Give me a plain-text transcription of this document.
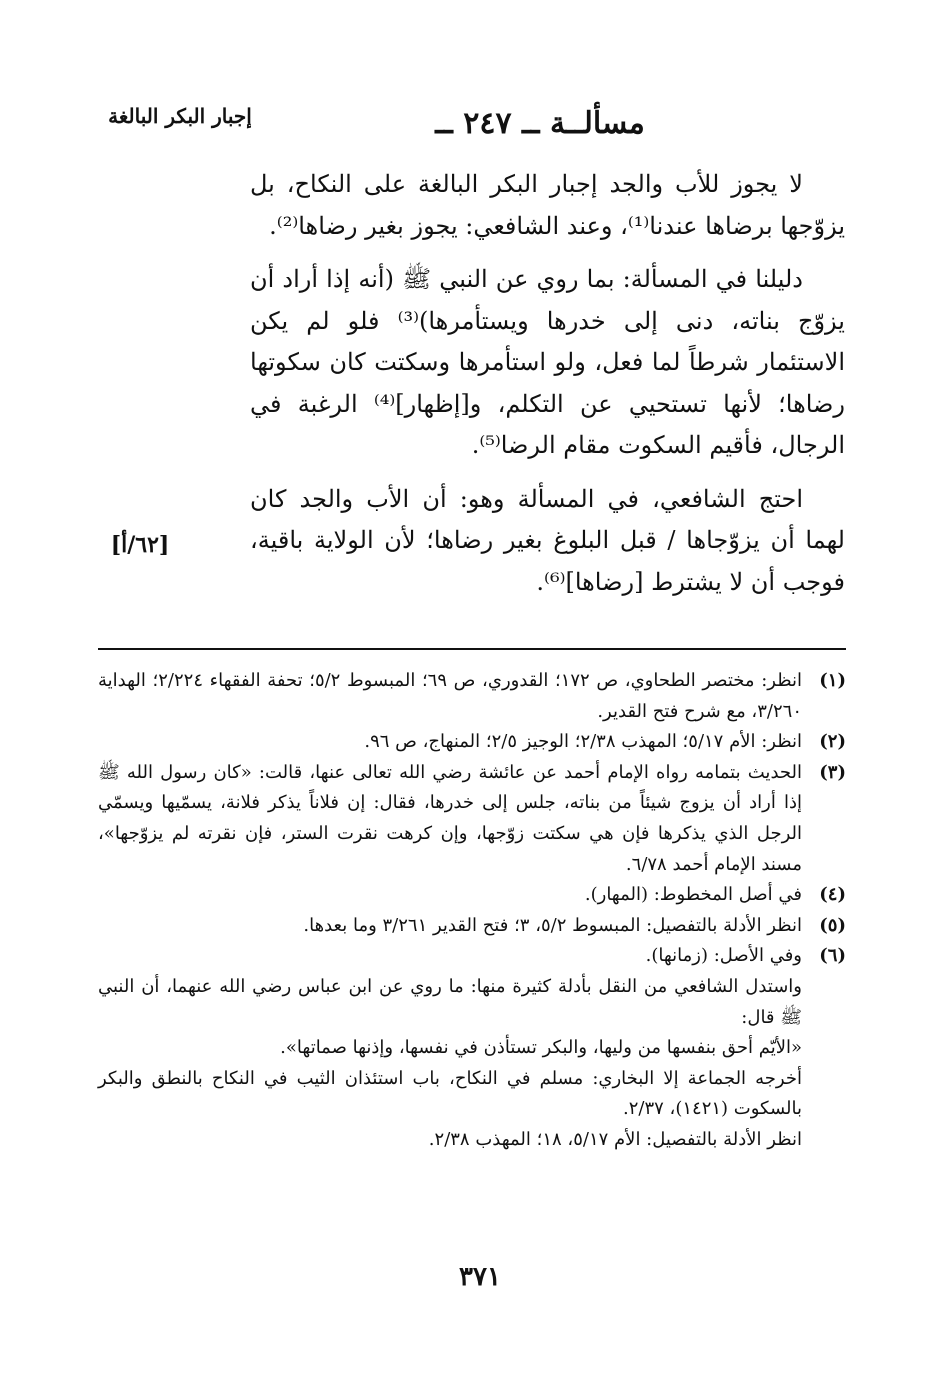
مسألــة ــ ٢٤٧ ــ
إجبار البكر البالغة

لا يجوز للأب والجد إجبار البكر البالغة على النكاح، بل يزوّجها برضاها عندنا⁽¹⁾، وعند الشافعي: يجوز بغير رضاها⁽²⁾.

دليلنا في المسألة: بما روي عن النبي ﷺ (أنه إذا أراد أن يزوّج بناته، دنى إلى خدرها ويستأمرها)⁽³⁾ فلو لم يكن الاستئمار شرطاً لما فعل، ولو استأمرها وسكتت كان سكوتها رضاها؛ لأنها تستحيي عن التكلم، و[إظهار]⁽⁴⁾ الرغبة في الرجال، فأقيم السكوت مقام الرضا⁽⁵⁾.

احتج الشافعي، في المسألة وهو: أن الأب والجد كان لهما أن يزوّجاها / قبل البلوغ بغير رضاها؛ لأن الولاية باقية، فوجب أن لا يشترط [رضاها]⁽⁶⁾.

[٦٢/أ]
(١)
انظر: مختصر الطحاوي، ص ١٧٢؛ القدوري، ص ٦٩؛ المبسوط ٥/٢؛ تحفة الفقهاء ٢/٢٢٤؛ الهداية ٣/٢٦٠، مع شرح فتح القدير.
(٢)
انظر: الأم ٥/١٧؛ المهذب ٢/٣٨؛ الوجيز ٢/٥؛ المنهاج، ص ٩٦.
(٣)
الحديث بتمامه رواه الإمام أحمد عن عائشة رضي الله تعالى عنها، قالت: «كان رسول الله ﷺ إذا أراد أن يزوج شيئاً من بناته، جلس إلى خدرها، فقال: إن فلاناً يذكر فلانة، يسمّيها ويسمّي الرجل الذي يذكرها فإن هي سكتت زوّجها، وإن كرهت نقرت الستر، فإن نقرته لم يزوّجها»، مسند الإمام أحمد ٦/٧٨.
(٤)
في أصل المخطوط: (المهار).
(٥)
انظر الأدلة بالتفصيل: المبسوط ٥/٢، ٣؛ فتح القدير ٣/٢٦١ وما بعدها.
(٦)
وفي الأصل: (زمانها).
واستدل الشافعي من النقل بأدلة كثيرة منها: ما روي عن ابن عباس رضي الله عنهما، أن النبي ﷺ قال:
«الأيّم أحق بنفسها من وليها، والبكر تستأذن في نفسها، وإذنها صماتها».
أخرجه الجماعة إلا البخاري: مسلم في النكاح، باب استئذان الثيب في النكاح بالنطق والبكر بالسكوت (١٤٢١)، ٢/٣٧.
انظر الأدلة بالتفصيل: الأم ٥/١٧، ١٨؛ المهذب ٢/٣٨.
٣٧١
